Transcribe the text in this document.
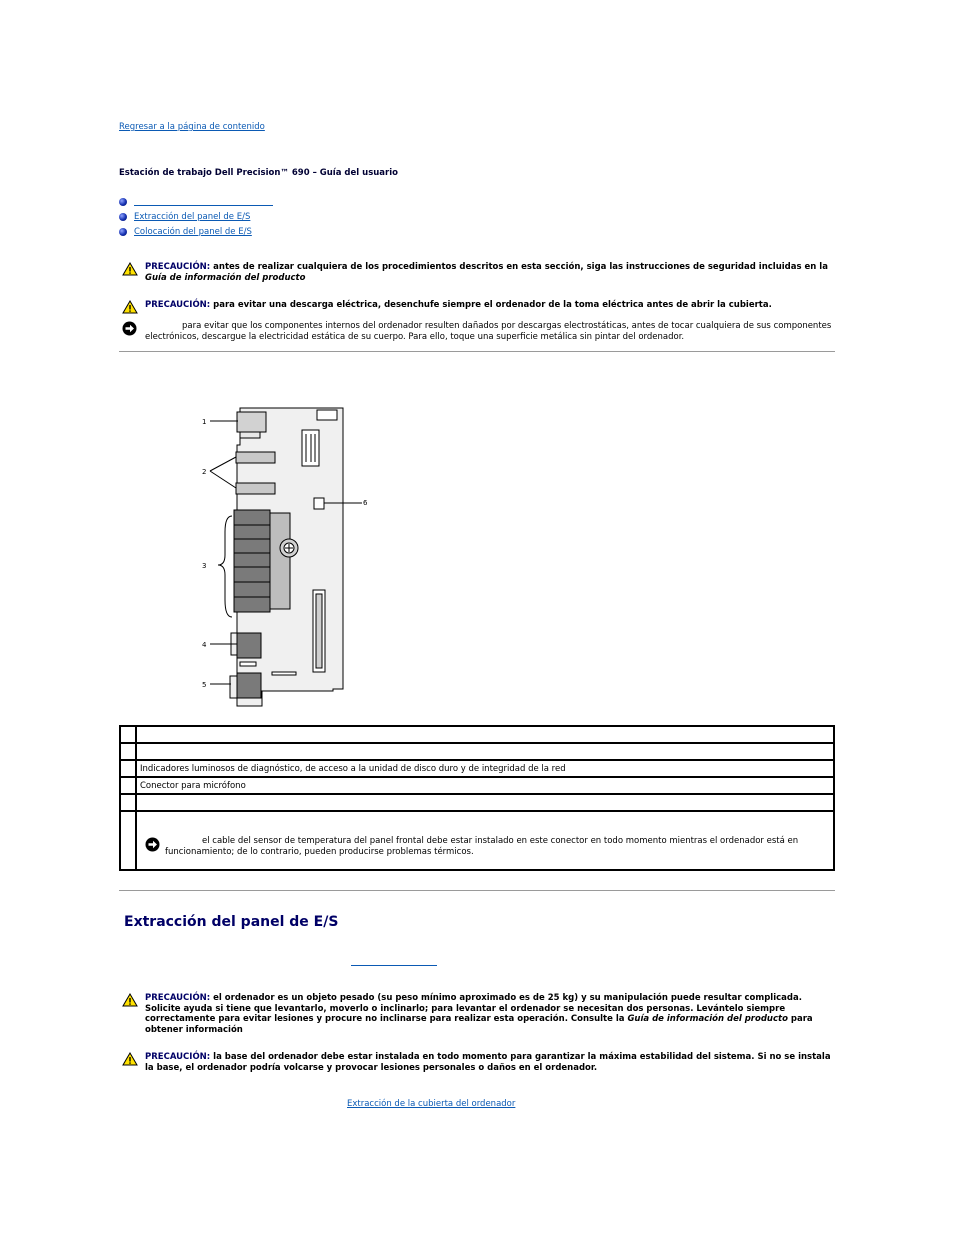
Regresar a la página de contenido
Estación de trabajo Dell Precision™ 690 – Guía del usuario
Extracción del panel de E/S
Colocación del panel de E/S
PRECAUCIÓN: antes de realizar cualquiera de los procedimientos descritos en esta sección, siga las instrucciones de seguridad incluidas en la Guía de información del producto
PRECAUCIÓN: para evitar una descarga eléctrica, desenchufe siempre el ordenador de la toma eléctrica antes de abrir la cubierta.
para evitar que los componentes internos del ordenador resulten dañados por descargas electrostáticas, antes de tocar cualquiera de sus componentes electrónicos, descargue la electricidad estática de su cuerpo. Para ello, toque una superficie metálica sin pintar del ordenador.
1
2
3
4
5
6

	Indicadores luminosos de diagnóstico, de acceso a la unidad de disco duro y de integridad de la red
	Conector para micrófono

	el cable del sensor de temperatura del panel frontal debe estar instalado en este conector en todo momento mientras el ordenador está en funcionamiento; de lo contrario, pueden producirse problemas térmicos.
Extracción del panel de E/S
PRECAUCIÓN: el ordenador es un objeto pesado (su peso mínimo aproximado es de 25 kg) y su manipulación puede resultar complicada. Solicite ayuda si tiene que levantarlo, moverlo o inclinarlo; para levantar el ordenador se necesitan dos personas. Levántelo siempre correctamente para evitar lesiones y procure no inclinarse para realizar esta operación. Consulte la Guía de información del producto para obtener información
PRECAUCIÓN: la base del ordenador debe estar instalada en todo momento para garantizar la máxima estabilidad del sistema. Si no se instala la base, el ordenador podría volcarse y provocar lesiones personales o daños en el ordenador.
Extracción de la cubierta del ordenador
